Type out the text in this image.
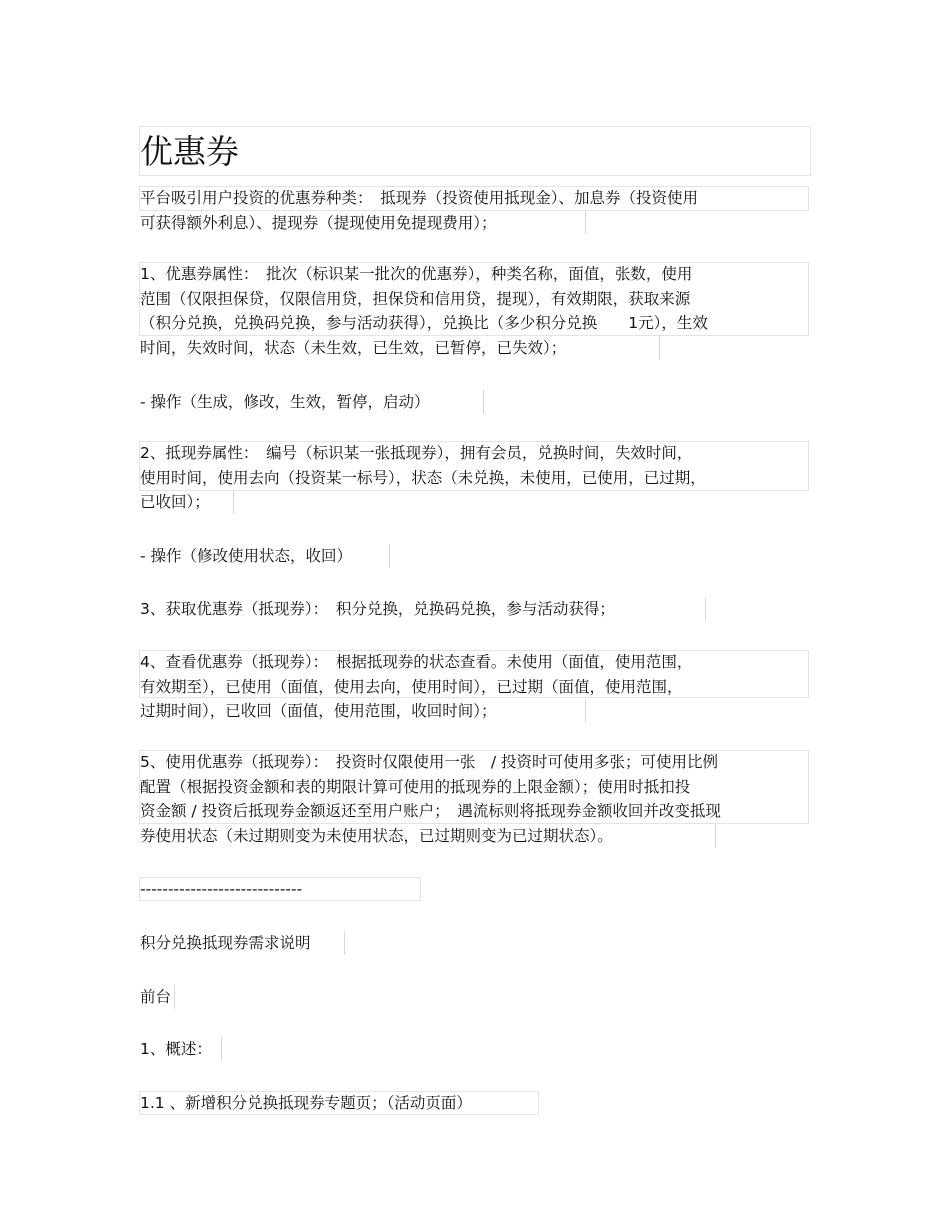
优惠券
平台吸引用户投资的优惠券种类：　抵现券（投资使用抵现金）、加息券（投资使用
可获得额外利息）、提现券（提现使用免提现费用）；
1、优惠券属性：　批次（标识某一批次的优惠券），种类名称，面值，张数，使用
范围（仅限担保贷，仅限信用贷，担保贷和信用贷，提现），有效期限，获取来源
（积分兑换，兑换码兑换，参与活动获得），兑换比（多少积分兑换　　1元），生效
时间，失效时间，状态（未生效，已生效，已暂停，已失效）；
- 操作（生成，修改，生效，暂停，启动）
2、抵现券属性：　编号（标识某一张抵现券），拥有会员，兑换时间，失效时间，
使用时间，使用去向（投资某一标号），状态（未兑换，未使用，已使用，已过期，
已收回）；
- 操作（修改使用状态，收回）
3、获取优惠券（抵现券）：　积分兑换，兑换码兑换，参与活动获得；
4、查看优惠券（抵现券）：　根据抵现券的状态查看。未使用（面值，使用范围，
有效期至），已使用（面值，使用去向，使用时间），已过期（面值，使用范围，
过期时间），已收回（面值，使用范围，收回时间）；
5、使用优惠券（抵现券）：　投资时仅限使用一张　/ 投资时可使用多张；可使用比例
配置（根据投资金额和表的期限计算可使用的抵现券的上限金额）；使用时抵扣投
资金额 / 投资后抵现券金额返还至用户账户；　遇流标则将抵现券金额收回并改变抵现
券使用状态（未过期则变为未使用状态，已过期则变为已过期状态）。
-----------------------------
积分兑换抵现券需求说明
前台
1、概述：
1.1 、新增积分兑换抵现券专题页；（活动页面）
